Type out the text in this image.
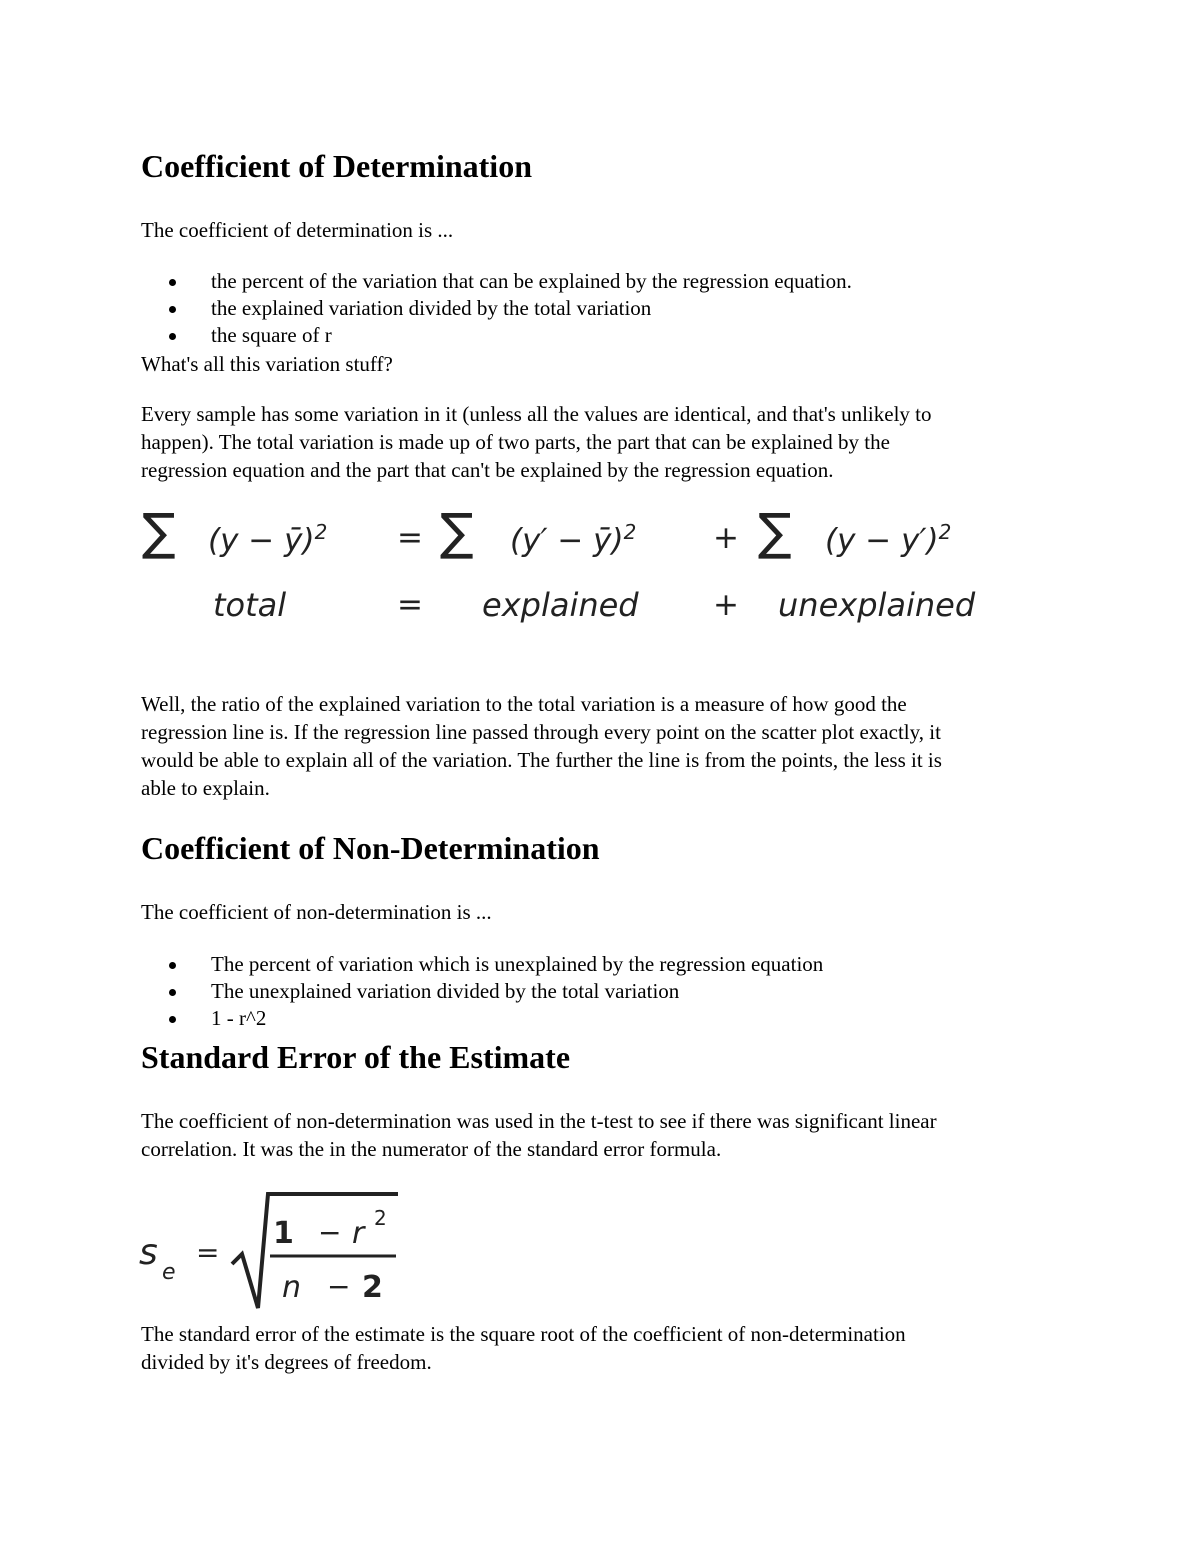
Coefficient of Determination
The coefficient of determination is ...
the percent of the variation that can be explained by the regression equation.
the explained variation divided by the total variation
the square of r
What's all this variation stuff?
Every sample has some variation in it (unless all the values are identical, and that's unlikely to
happen). The total variation is made up of two parts, the part that can be explained by the
regression equation and the part that can't be explained by the regression equation.
∑ (y − ȳ)$^2$ = ∑ (y′ − ȳ)$^2$ + ∑ $(y - y')^2$
total	= explained + unexplained
Well, the ratio of the explained variation to the total variation is a measure of how good the
regression line is. If the regression line passed through every point on the scatter plot exactly, it
would be able to explain all of the variation. The further the line is from the points, the less it is
able to explain.
Coefficient of Non-Determination
The coefficient of non-determination is ...
The percent of variation which is unexplained by the regression equation
The unexplained variation divided by the total variation
1 - r^2
Standard Error of the Estimate
The coefficient of non-determination was used in the t-test to see if there was significant linear
correlation. It was the in the numerator of the standard error formula.
s e
=
1 − r 2
n − 2
The standard error of the estimate is the square root of the coefficient of non-determination
divided by it's degrees of freedom.
